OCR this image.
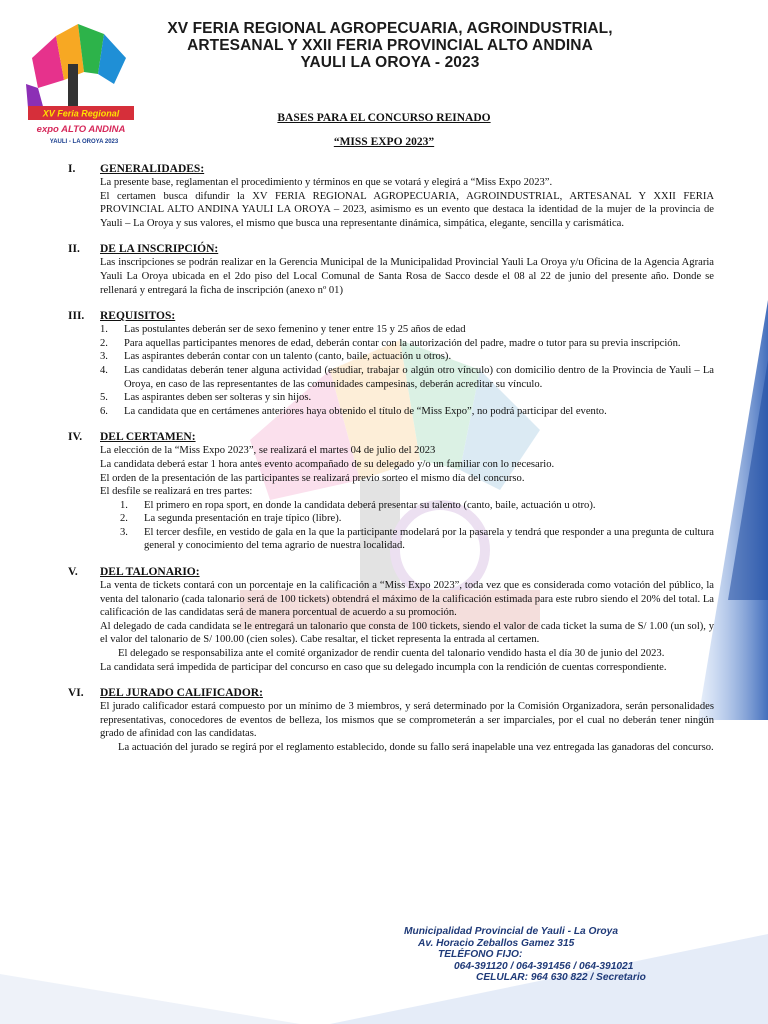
XV Feria Regional
expo ALTO ANDINA
YAULI - LA OROYA 2023
XV FERIA REGIONAL AGROPECUARIA, AGROINDUSTRIAL,
ARTESANAL Y XXII FERIA PROVINCIAL ALTO ANDINA
YAULI LA OROYA - 2023
BASES PARA EL CONCURSO REINADO
“MISS EXPO 2023”
I.	GENERALIDADES:
La presente base, reglamentan el procedimiento y términos en que se votará y elegirá a “Miss Expo 2023”.
El certamen busca difundir la XV FERIA REGIONAL AGROPECUARIA, AGROINDUSTRIAL, ARTESANAL Y XXII FERIA PROVINCIAL ALTO ANDINA YAULI LA OROYA – 2023, asimismo es un evento que destaca la identidad de la mujer de la provincia de Yauli – La Oroya y sus valores, el mismo que busca una representante dinámica, simpática, elegante, sencilla y carismática.
II.	DE LA INSCRIPCIÓN:
Las inscripciones se podrán realizar en la Gerencia Municipal de la Municipalidad Provincial Yauli La Oroya y/u Oficina de la Agencia Agraria Yauli La Oroya ubicada en el 2do piso del Local Comunal de Santa Rosa de Sacco desde el 08 al 22 de junio del presente año. Donde se rellenará y entregará la ficha de inscripción (anexo nº 01)
III.	REQUISITOS:
1.	Las postulantes deberán ser de sexo femenino y tener entre 15 y 25 años de edad
2.	Para aquellas participantes menores de edad, deberán contar con la autorización del padre, madre o tutor para su previa inscripción.
3.	Las aspirantes deberán contar con un talento (canto, baile, actuación u otros).
4.	Las candidatas deberán tener alguna actividad (estudiar, trabajar o algún otro vínculo) con domicilio dentro de la Provincia de Yauli – La Oroya, en caso de las representantes de las comunidades campesinas, deberán acreditar su vínculo.
5.	Las aspirantes deben ser solteras y sin hijos.
6.	La candidata que en certámenes anteriores haya obtenido el título de “Miss Expo”, no podrá participar del evento.
IV.	DEL CERTAMEN:
La elección de la “Miss Expo 2023”, se realizará el martes 04 de julio del 2023
La candidata deberá estar 1 hora antes evento acompañado de su delegado y/o un familiar con lo necesario.
El orden de la presentación de las participantes se realizará previo sorteo el mismo día del concurso.
El desfile se realizará en tres partes:
1.	El primero en ropa sport, en donde la candidata deberá presentar su talento (canto, baile, actuación u otro).
2.	La segunda presentación en traje típico (libre).
3.	El tercer desfile, en vestido de gala en la que la participante modelará por la pasarela y tendrá que responder a una pregunta de cultura general y conocimiento del tema agrario de nuestra localidad.
V.	DEL TALONARIO:
La venta de tickets contará con un porcentaje en la calificación a “Miss Expo 2023”, toda vez que es considerada como votación del público, la venta del talonario (cada talonario será de 100 tickets) obtendrá el máximo de la calificación estimada para este rubro siendo el 20% del total. La calificación de las candidatas será de manera porcentual de acuerdo a su promoción.
Al delegado de cada candidata se le entregará un talonario que consta de 100 tickets, siendo el valor de cada ticket la suma de S/ 1.00 (un sol), y el valor del talonario de S/ 100.00 (cien soles). Cabe resaltar, el ticket representa la entrada al certamen.
El delegado se responsabiliza ante el comité organizador de rendir cuenta del talonario vendido hasta el día 30 de junio del 2023.
La candidata será impedida de participar del concurso en caso que su delegado incumpla con la rendición de cuentas correspondiente.
VI.	DEL JURADO CALIFICADOR:
El jurado calificador estará compuesto por un mínimo de 3 miembros, y será determinado por la Comisión Organizadora, serán personalidades representativas, conocedores de eventos de belleza, los mismos que se comprometerán a ser imparciales, por el cual no deberán tener ningún grado de afinidad con las candidatas.
La actuación del jurado se regirá por el reglamento establecido, donde su fallo será inapelable una vez entregada las ganadoras del concurso.
Municipalidad Provincial de Yauli - La Oroya
Av. Horacio Zeballos Gamez 315
TELÉFONO FIJO:
064-391120 / 064-391456 / 064-391021
CELULAR: 964 630 822 / Secretario
